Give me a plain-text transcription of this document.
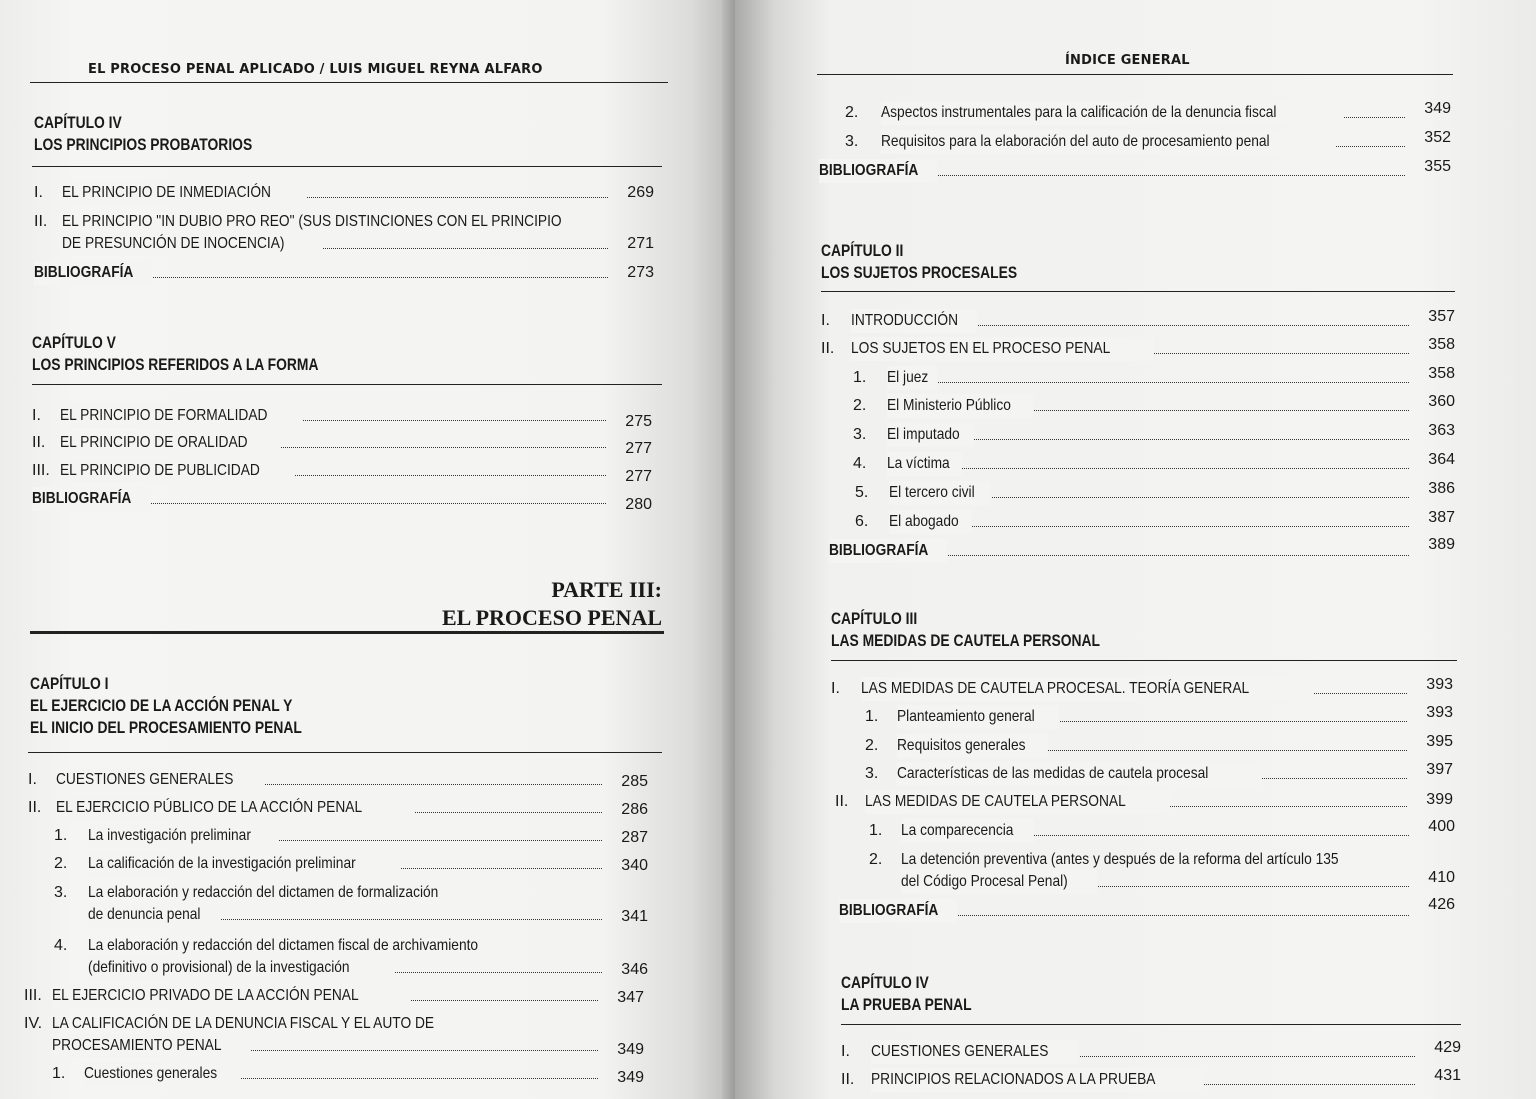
EL PROCESO PENAL APLICADO / LUIS MIGUEL REYNA ALFARO
CAPÍTULO IV
LOS PRINCIPIOS PROBATORIOS
I. EL PRINCIPIO DE INMEDIACIÓN	269
II. EL PRINCIPIO "IN DUBIO PRO REO" (SUS DISTINCIONES CON EL PRINCIPIO
DE PRESUNCIÓN DE INOCENCIA)	271
BIBLIOGRAFÍA	273
CAPÍTULO V
LOS PRINCIPIOS REFERIDOS A LA FORMA
I. EL PRINCIPIO DE FORMALIDAD	275
II. EL PRINCIPIO DE ORALIDAD	277
III. EL PRINCIPIO DE PUBLICIDAD	277
BIBLIOGRAFÍA	280
PARTE III:
EL PROCESO PENAL
CAPÍTULO I
EL EJERCICIO DE LA ACCIÓN PENAL Y
EL INICIO DEL PROCESAMIENTO PENAL
I. CUESTIONES GENERALES	285
II. EL EJERCICIO PÚBLICO DE LA ACCIÓN PENAL	286
1. La investigación preliminar	287
2. La calificación de la investigación preliminar	340
3. La elaboración y redacción del dictamen de formalización
de denuncia penal	341
4. La elaboración y redacción del dictamen fiscal de archivamiento
(definitivo o provisional) de la investigación	346
III. EL EJERCICIO PRIVADO DE LA ACCIÓN PENAL	347
IV. LA CALIFICACIÓN DE LA DENUNCIA FISCAL Y EL AUTO DE
PROCESAMIENTO PENAL	349
1. Cuestiones generales	349
ÍNDICE GENERAL
2. Aspectos instrumentales para la calificación de la denuncia fiscal	349
3. Requisitos para la elaboración del auto de procesamiento penal	352
BIBLIOGRAFÍA	355
CAPÍTULO II
LOS SUJETOS PROCESALES
I. INTRODUCCIÓN	357
II. LOS SUJETOS EN EL PROCESO PENAL	358
1. El juez	358
2. El Ministerio Público	360
3. El imputado	363
4. La víctima	364
5. El tercero civil	386
6. El abogado	387
BIBLIOGRAFÍA	389
CAPÍTULO III
LAS MEDIDAS DE CAUTELA PERSONAL
I. LAS MEDIDAS DE CAUTELA PROCESAL. TEORÍA GENERAL	393
1. Planteamiento general	393
2. Requisitos generales	395
3. Características de las medidas de cautela procesal	397
II. LAS MEDIDAS DE CAUTELA PERSONAL	399
1. La comparecencia	400
2. La detención preventiva (antes y después de la reforma del artículo 135
del Código Procesal Penal)	410
BIBLIOGRAFÍA	426
CAPÍTULO IV
LA PRUEBA PENAL
I. CUESTIONES GENERALES	429
II. PRINCIPIOS RELACIONADOS A LA PRUEBA	431
